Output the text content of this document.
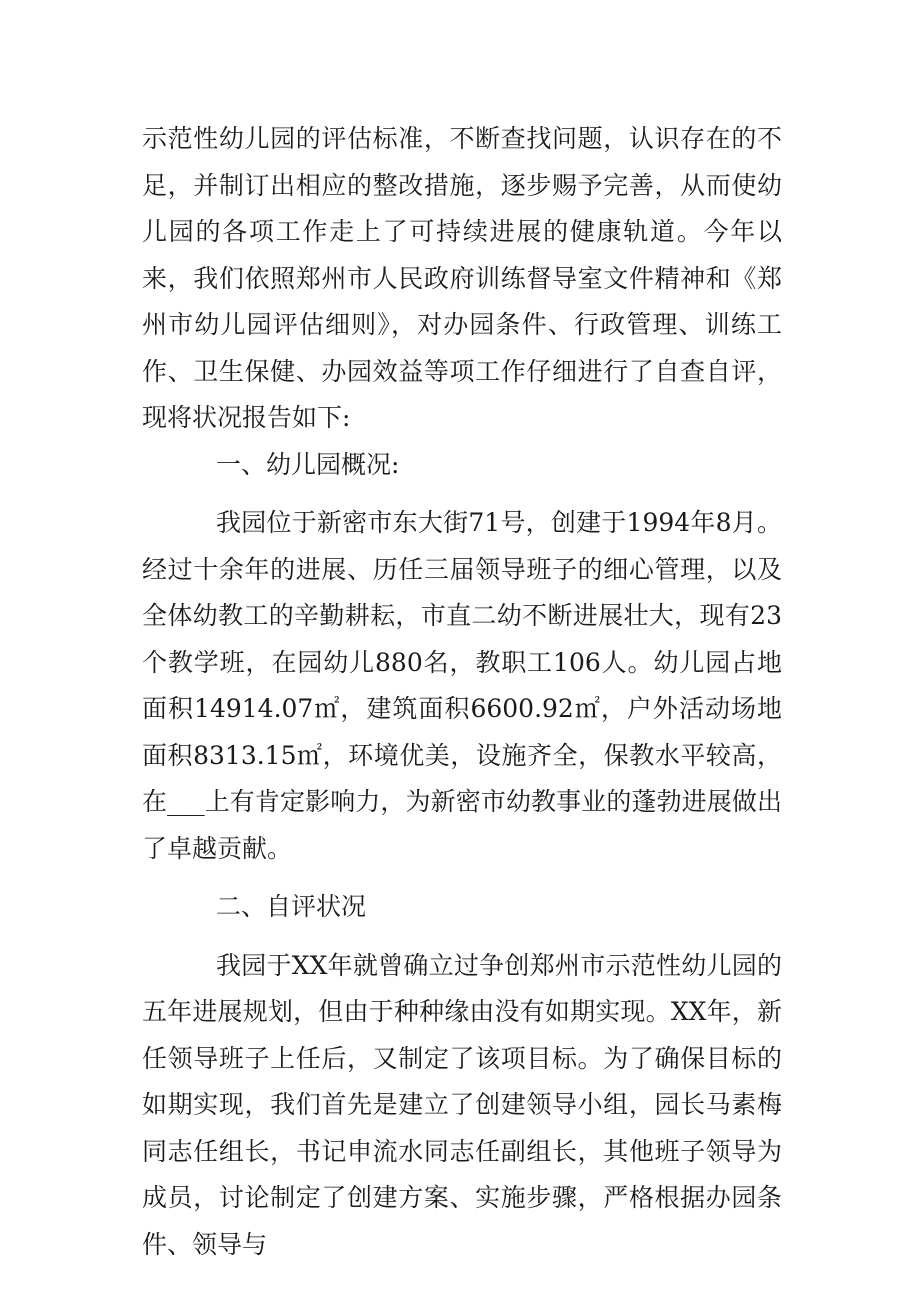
示范性幼儿园的评估标准，不断查找问题，认识存在的不足，并制订出相应的整改措施，逐步赐予完善，从而使幼儿园的各项工作走上了可持续进展的健康轨道。今年以来，我们依照郑州市人民政府训练督导室文件精神和《郑州市幼儿园评估细则》，对办园条件、行政管理、训练工作、卫生保健、办园效益等项工作仔细进行了自查自评，现将状况报告如下:

一、幼儿园概况:

我园位于新密市东大街71号，创建于1994年8月。经过十余年的进展、历任三届领导班子的细心管理，以及全体幼教工的辛勤耕耘，市直二幼不断进展壮大，现有23个教学班，在园幼儿880名，教职工106人。幼儿园占地面积14914.07㎡，建筑面积6600.92㎡，户外活动场地面积8313.15㎡，环境优美，设施齐全，保教水平较高，在___上有肯定影响力，为新密市幼教事业的蓬勃进展做出了卓越贡献。

二、自评状况

我园于XX年就曾确立过争创郑州市示范性幼儿园的五年进展规划，但由于种种缘由没有如期实现。XX年，新任领导班子上任后，又制定了该项目标。为了确保目标的如期实现，我们首先是建立了创建领导小组，园长马素梅同志任组长，书记申流水同志任副组长，其他班子领导为成员，讨论制定了创建方案、实施步骤，严格根据办园条件、领导与
